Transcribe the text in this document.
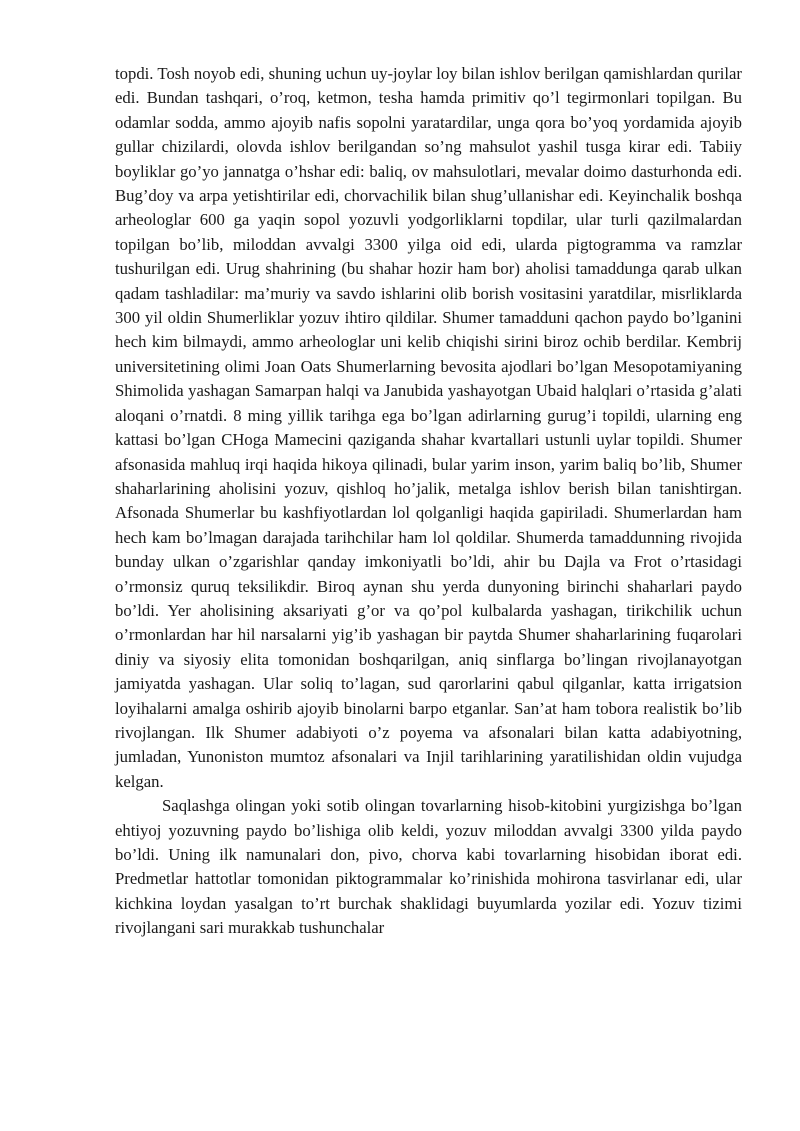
topdi. Tosh noyob edi, shuning uchun uy-joylar loy bilan ishlov berilgan qamishlardan qurilar edi. Bundan tashqari, o’roq, ketmon, tesha hamda primitiv qo’l tegirmonlari topilgan. Bu odamlar sodda, ammo ajoyib nafis sopolni yaratardilar, unga qora bo’yoq yordamida ajoyib gullar chizilardi, olovda ishlov berilgandan so’ng mahsulot yashil tusga kirar edi. Tabiiy boyliklar go’yo jannatga o’hshar edi: baliq, ov mahsulotlari, mevalar doimo dasturhonda edi. Bug’doy va arpa yetishtirilar edi, chorvachilik bilan shug’ullanishar edi. Keyinchalik boshqa arheologlar 600 ga yaqin sopol yozuvli yodgorliklarni topdilar, ular turli qazilmalardan topilgan bo’lib, miloddan avvalgi 3300 yilga oid edi, ularda pigtogramma va ramzlar tushurilgan edi. Urug shahrining (bu shahar hozir ham bor) aholisi tamaddunga qarab ulkan qadam tashladilar: ma’muriy va savdo ishlarini olib borish vositasini yaratdilar, misrliklarda 300 yil oldin Shumerliklar yozuv ihtiro qildilar. Shumer tamadduni qachon paydo bo’lganini hech kim bilmaydi, ammo arheologlar uni kelib chiqishi sirini biroz ochib berdilar. Kembrij universitetining olimi Joan Oats Shumerlarning bevosita ajodlari bo’lgan Mesopotamiyaning Shimolida yashagan Samarpan halqi va Janubida yashayotgan Ubaid halqlari o’rtasida g’alati aloqani o’rnatdi. 8 ming yillik tarihga ega bo’lgan adirlarning gurug’i topildi, ularning eng kattasi bo’lgan CHoga Mamecini qaziganda shahar kvartallari ustunli uylar topildi. Shumer afsonasida mahluq irqi haqida hikoya qilinadi, bular yarim inson, yarim baliq bo’lib, Shumer shaharlarining aholisini yozuv, qishloq ho’jalik, metalga ishlov berish bilan tanishtirgan. Afsonada Shumerlar bu kashfiyotlardan lol qolganligi haqida gapiriladi. Shumerlardan ham hech kam bo’lmagan darajada tarihchilar ham lol qoldilar. Shumerda tamaddunning rivojida bunday ulkan o’zgarishlar qanday imkoniyatli bo’ldi, ahir bu Dajla va Frot o’rtasidagi o’rmonsiz quruq teksilikdir. Biroq aynan shu yerda dunyoning birinchi shaharlari paydo bo’ldi. Yer aholisining aksariyati g’or va qo’pol kulbalarda yashagan, tirikchilik uchun o’rmonlardan har hil narsalarni yig’ib yashagan bir paytda Shumer shaharlarining fuqarolari diniy va siyosiy elita tomonidan boshqarilgan, aniq sinflarga bo’lingan rivojlanayotgan jamiyatda yashagan. Ular soliq to’lagan, sud qarorlarini qabul qilganlar, katta irrigatsion loyihalarni amalga oshirib ajoyib binolarni barpo etganlar. San’at ham tobora realistik bo’lib rivojlangan. Ilk Shumer adabiyoti o’z poyema va afsonalari bilan katta adabiyotning, jumladan, Yunoniston mumtoz afsonalari va Injil tarihlarining yaratilishidan oldin vujudga kelgan.

Saqlashga olingan yoki sotib olingan tovarlarning hisob-kitobini yurgizishga bo’lgan ehtiyoj yozuvning paydo bo’lishiga olib keldi, yozuv miloddan avvalgi 3300 yilda paydo bo’ldi. Uning ilk namunalari don, pivo, chorva kabi tovarlarning hisobidan iborat edi. Predmetlar hattotlar tomonidan piktogrammalar ko’rinishida mohirona tasvirlanar edi, ular kichkina loydan yasalgan to’rt burchak shaklidagi buyumlarda yozilar edi. Yozuv tizimi rivojlangani sari murakkab tushunchalar
